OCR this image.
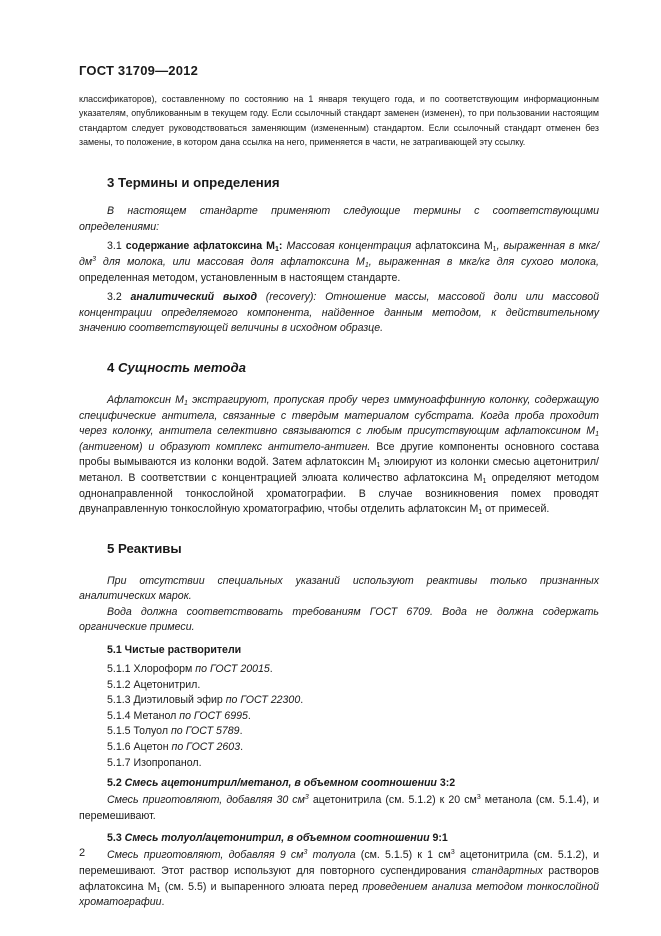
ГОСТ 31709—2012

классификаторов), составленному по состоянию на 1 января текущего года, и по соответствующим информационным указателям, опубликованным в текущем году. Если ссылочный стандарт заменен (изменен), то при пользовании настоящим стандартом следует руководствоваться заменяющим (измененным) стандартом. Если ссылочный стандарт отменен без замены, то положение, в котором дана ссылка на него, применяется в части, не затрагивающей эту ссылку.

3 Термины и определения

В настоящем стандарте применяют следующие термины с соответствующими определениями:

3.1 содержание афлатоксина $М_1$: Массовая концентрация афлатоксина $М_1$, выраженная в мкг/$дм^3$ для молока, или массовая доля афлатоксина $М_1$, выраженная в мкг/кг для сухого молока, определенная методом, установленным в настоящем стандарте.

3.2 аналитический выход (recovery): Отношение массы, массовой доли или массовой концентрации определяемого компонента, найденное данным методом, к действительному значению соответствующей величины в исходном образце.

4 Сущность метода

Афлатоксин $М_1$ экстрагируют, пропуская пробу через иммуноаффинную колонку, содержащую специфические антитела, связанные с твердым материалом субстрата. Когда проба проходит через колонку, антитела селективно связываются с любым присутствующим афлатоксином $М_1$ (антигеном) и образуют комплекс антитело-антиген. Все другие компоненты основного состава пробы вымываются из колонки водой. Затем афлатоксин $М_1$ элюируют из колонки смесью ацетонитрил/метанол. В соответствии с концентрацией элюата количество афлатоксина $М_1$ определяют методом однонаправленной тонкослойной хроматографии. В случае возникновения помех проводят двунаправленную тонкослойную хроматографию, чтобы отделить афлатоксин $М_1$ от примесей.

5 Реактивы

При отсутствии специальных указаний используют реактивы только признанных аналитических марок.

Вода должна соответствовать требованиям ГОСТ 6709. Вода не должна содержать органические примеси.

5.1 Чистые растворители

5.1.1 Хлороформ по ГОСТ 20015.

5.1.2 Ацетонитрил.

5.1.3 Диэтиловый эфир по ГОСТ 22300.

5.1.4 Метанол по ГОСТ 6995.

5.1.5 Толуол по ГОСТ 5789.

5.1.6 Ацетон по ГОСТ 2603.

5.1.7 Изопропанол.

5.2 Смесь ацетонитрил/метанол, в объемном соотношении 3:2

Смесь приготовляют, добавляя 30 $см^3$ ацетонитрила (см. 5.1.2) к 20 $см^3$ метанола (см. 5.1.4), и перемешивают.

5.3 Смесь толуол/ацетонитрил, в объемном соотношении 9:1

Смесь приготовляют, добавляя 9 $см^3$ толуола (см. 5.1.5) к 1 $см^3$ ацетонитрила (см. 5.1.2), и перемешивают. Этот раствор используют для повторного суспендирования стандартных растворов афлатоксина $М_1$ (см. 5.5) и выпаренного элюата перед проведением анализа методом тонкослойной хроматографии.

2
